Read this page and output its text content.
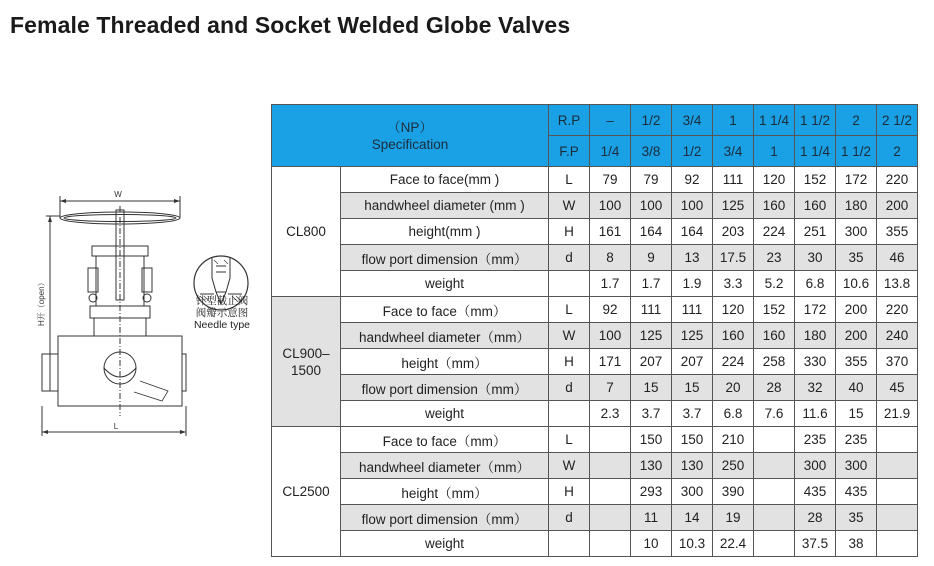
Female Threaded and Socket Welded Globe Valves
W
L
H开（open）	针型截止阀
阀瓣示意图
Needle type
（NP）
Specification		R.P	–	1/2	3/4	1	1 1/4	1 1/2	2	2 1/2
		F.P	1/4	3/8	1/2	3/4	1	1 1/4	1 1/2	2

CL800	Face to face(mm )	L	79	79	92	111	120	152	172	220
	handwheel diameter (mm )	W	100	100	100	125	160	160	180	200
	height(mm )	H	161	164	164	203	224	251	300	355
	flow port dimension（mm）	d	8	9	13	17.5	23	30	35	46
	weight		1.7	1.7	1.9	3.3	5.2	6.8	10.6	13.8

CL900–1500	Face to face（mm）	L	92	111	111	120	152	172	200	220
	handwheel diameter（mm）	W	100	125	125	160	160	180	200	240
	height（mm）	H	171	207	207	224	258	330	355	370
	flow port dimension（mm）	d	7	15	15	20	28	32	40	45
	weight		2.3	3.7	3.7	6.8	7.6	11.6	15	21.9

CL2500	Face to face（mm）	L		150	150	210		235	235	
	handwheel diameter（mm）	W		130	130	250		300	300	
	height（mm）	H		293	300	390		435	435	
	flow port dimension（mm）	d		11	14	19		28	35	
	weight			10	10.3	22.4		37.5	38	
